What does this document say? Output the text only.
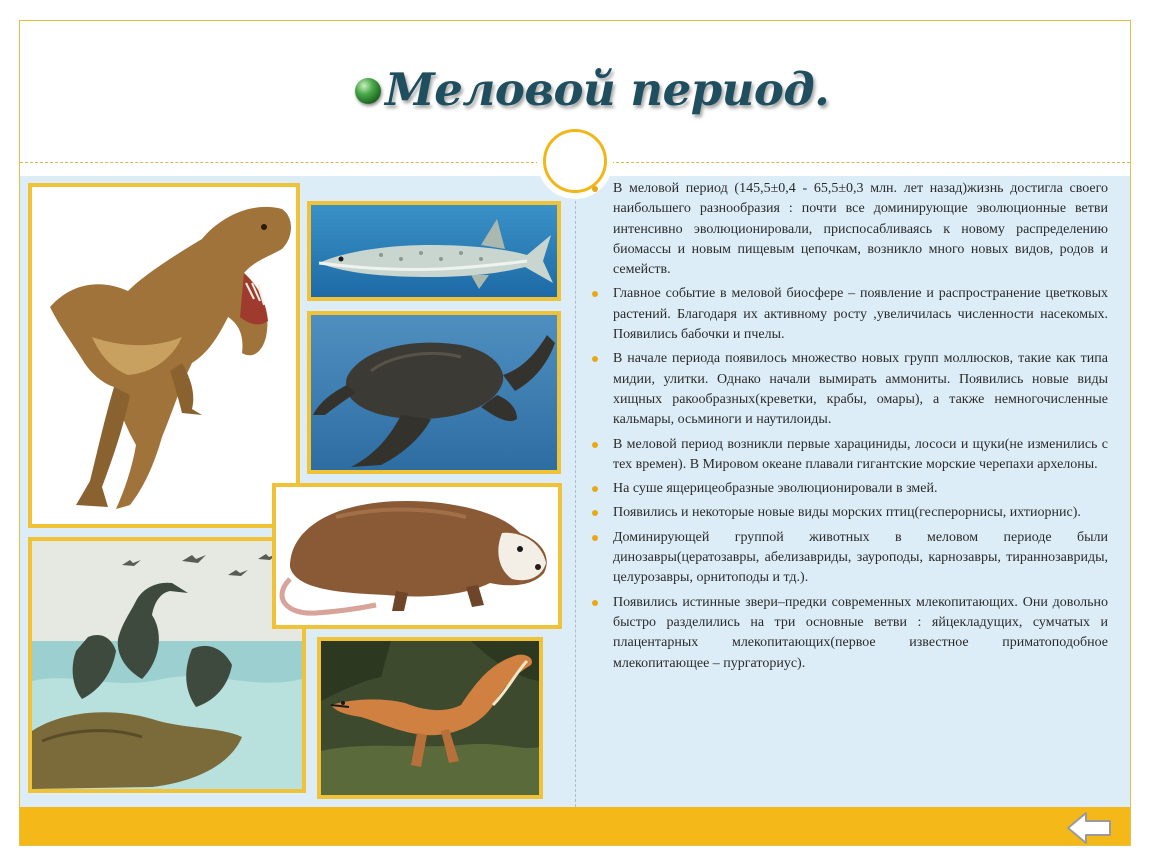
Меловой период.
В меловой период (145,5±0,4 - 65,5±0,3 млн. лет назад)жизнь достигла своего наибольшего разнообразия : почти все доминирующие эволюционные ветви интенсивно эволюционировали, приспосабливаясь к новому распределению биомассы и новым пищевым цепочкам, возникло много новых видов, родов и семейств.
Главное событие в меловой биосфере – появление и распространение цветковых растений. Благодаря их активному росту ,увеличилась численности насекомых. Появились бабочки и пчелы.
В начале периода появилось множество новых групп моллюсков, такие как типа мидии, улитки. Однако начали вымирать аммониты. Появились новые виды хищных ракообразных(креветки, крабы, омары), а также немногочисленные кальмары, осьминоги и наутилоиды.
В меловой период возникли первые харациниды, лососи и щуки(не изменились с тех времен). В Мировом океане плавали гигантские морские черепахи архелоны.
На суше ящерицеобразные эволюционировали в змей.
Появились и некоторые новые виды морских птиц(гесперорнисы, ихтиорнис).
Доминирующей группой животных в меловом периоде были динозавры(цератозавры, абелизавриды, зауроподы, карнозавры, тираннозавриды, целурозавры, орнитоподы и тд.).
Появились истинные звери–предки современных млекопитающих. Они довольно быстро разделились на три основные ветви : яйцекладущих, сумчатых и плацентарных млекопитающих(первое известное приматоподобное млекопитающее – пургаториус).
